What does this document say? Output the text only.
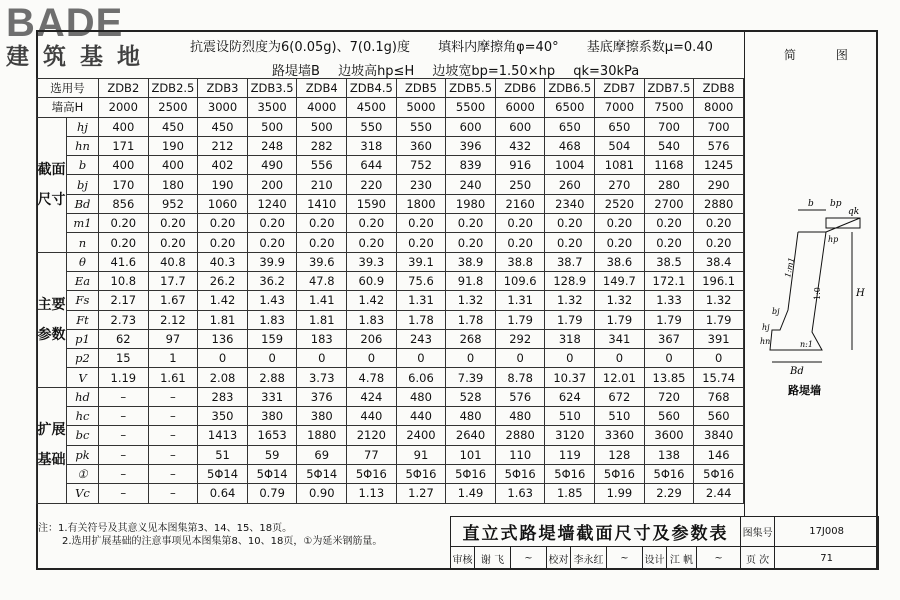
BADE
建筑基地	抗震设防烈度为6(0.05g)、7(0.1g)度 填料内摩擦角φ=40° 基底摩擦系数μ=0.40
路堤墙B 边坡高hp≤H 边坡宽bp=1.50×hp qk=30kPa
简 图
选用号		ZDB2	ZDB2.5	ZDB3	ZDB3.5	ZDB4	ZDB4.5	ZDB5	ZDB5.5	ZDB6	ZDB6.5	ZDB7	ZDB7.5	ZDB8
墙高H		2000	2500	3000	3500	4000	4500	5000	5500	6000	6500	7000	7500	8000
截面尺寸	hj	400	450	450	500	500	550	550	600	600	650	650	700	700
	hn	171	190	212	248	282	318	360	396	432	468	504	540	576
	b	400	400	402	490	556	644	752	839	916	1004	1081	1168	1245
	bj	170	180	190	200	210	220	230	240	250	260	270	280	290
	Bd	856	952	1060	1240	1410	1590	1800	1980	2160	2340	2520	2700	2880
	m1	0.20	0.20	0.20	0.20	0.20	0.20	0.20	0.20	0.20	0.20	0.20	0.20	0.20
	n	0.20	0.20	0.20	0.20	0.20	0.20	0.20	0.20	0.20	0.20	0.20	0.20	0.20
主要参数	θ	41.6	40.8	40.3	39.9	39.6	39.3	39.1	38.9	38.8	38.7	38.6	38.5	38.4
	Ea	10.8	17.7	26.2	36.2	47.8	60.9	75.6	91.8	109.6	128.9	149.7	172.1	196.1
	Fs	2.17	1.67	1.42	1.43	1.41	1.42	1.31	1.32	1.31	1.32	1.32	1.33	1.32
	Ft	2.73	2.12	1.81	1.83	1.81	1.83	1.78	1.78	1.79	1.79	1.79	1.79	1.79
	p1	62	97	136	159	183	206	243	268	292	318	341	367	391
	p2	15	1	0	0	0	0	0	0	0	0	0	0	0
	V	1.19	1.61	2.08	2.88	3.73	4.78	6.06	7.39	8.78	10.37	12.01	13.85	15.74
扩展基础	hd	–	–	283	331	376	424	480	528	576	624	672	720	768
	hc	–	–	350	380	380	440	440	480	480	510	510	560	560
	bc	–	–	1413	1653	1880	2120	2400	2640	2880	3120	3360	3600	3840
	pk	–	–	51	59	69	77	91	101	110	119	128	138	146
	①	–	–	5Φ14	5Φ14	5Φ14	5Φ16	5Φ16	5Φ16	5Φ16	5Φ16	5Φ16	5Φ16	5Φ16
	Vc	–	–	0.64	0.79	0.90	1.13	1.27	1.49	1.63	1.85	1.99	2.29	2.44
注：1.有关符号及其意义见本图集第3、14、15、18页。
2.选用扩展基础的注意事项见本图集第8、10、18页，①为延米钢筋量。	直立式路堤墙截面尺寸及参数表									图集号	17J008
审核	谢 飞	~	校对	李永红	~	设计	江 帆	~	页 次	71
b bp
qk
hp
1:m1
1:0	H
bj
hj
hn	n:1
Bd
路堤墙
